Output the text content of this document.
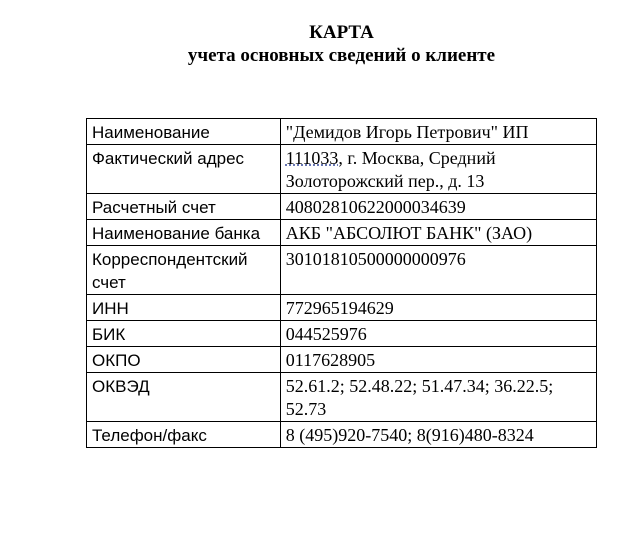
КАРТА
учета основных сведений о клиенте
Наименование	"Демидов Игорь Петрович" ИП
Фактический адрес	111033, г. Москва, Средний Золоторожский пер., д. 13
Расчетный счет	40802810622000034639
Наименование банка	АКБ "АБСОЛЮТ БАНК" (ЗАО)
Корреспондентский счет	30101810500000000976
ИНН	772965194629
БИК	044525976
ОКПО	0117628905
ОКВЭД	52.61.2; 52.48.22; 51.47.34; 36.22.5; 52.73
Телефон/факс	8 (495)920-7540; 8(916)480-8324
